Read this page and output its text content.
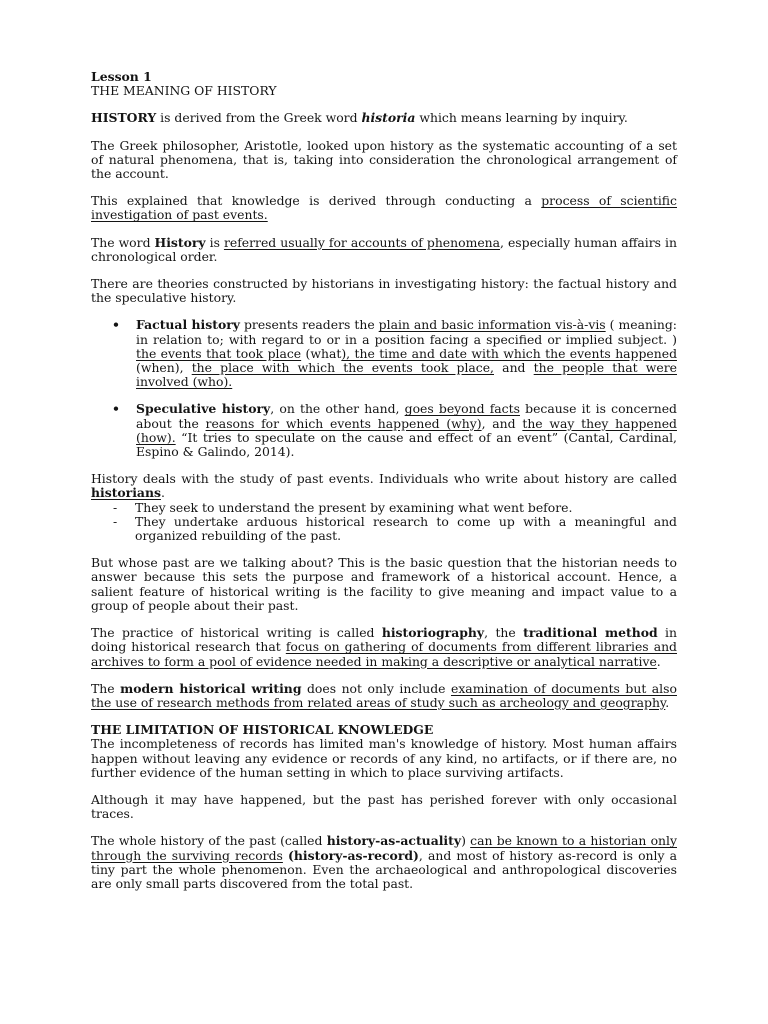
Lesson 1

THE MEANING OF HISTORY

HISTORY is derived from the Greek word historia which means learning by inquiry.

The Greek philosopher, Aristotle, looked upon history as the systematic accounting of a set of natural phenomena, that is, taking into consideration the chronological arrangement of the account.

This explained that knowledge is derived through conducting a process of scientific investigation of past events.

The word History is referred usually for accounts of phenomena, especially human affairs in chronological order.

There are theories constructed by historians in investigating history: the factual history and the speculative history.

• Factual history presents readers the plain and basic information vis-à-vis ( meaning: in relation to; with regard to or in a position facing a specified or implied subject. ) the events that took place (what), the time and date with which the events happened (when), the place with which the events took place, and the people that were involved (who).
• Speculative history, on the other hand, goes beyond facts because it is concerned about the reasons for which events happened (why), and the way they happened (how). “It tries to speculate on the cause and effect of an event” (Cantal, Cardinal, Espino & Galindo, 2014).

History deals with the study of past events. Individuals who write about history are called historians.

- They seek to understand the present by examining what went before.
- They undertake arduous historical research to come up with a meaningful and organized rebuilding of the past.

But whose past are we talking about? This is the basic question that the historian needs to answer because this sets the purpose and framework of a historical account. Hence, a salient feature of historical writing is the facility to give meaning and impact value to a group of people about their past.

The practice of historical writing is called historiography, the traditional method in doing historical research that focus on gathering of documents from different libraries and archives to form a pool of evidence needed in making a descriptive or analytical narrative.

The modern historical writing does not only include examination of documents but also the use of research methods from related areas of study such as archeology and geography.

THE LIMITATION OF HISTORICAL KNOWLEDGE

The incompleteness of records has limited man's knowledge of history. Most human affairs happen without leaving any evidence or records of any kind, no artifacts, or if there are, no further evidence of the human setting in which to place surviving artifacts.

Although it may have happened, but the past has perished forever with only occasional traces.

The whole history of the past (called history-as-actuality) can be known to a historian only through the surviving records (history-as-record), and most of history as-record is only a tiny part the whole phenomenon. Even the archaeological and anthropological discoveries are only small parts discovered from the total past.
